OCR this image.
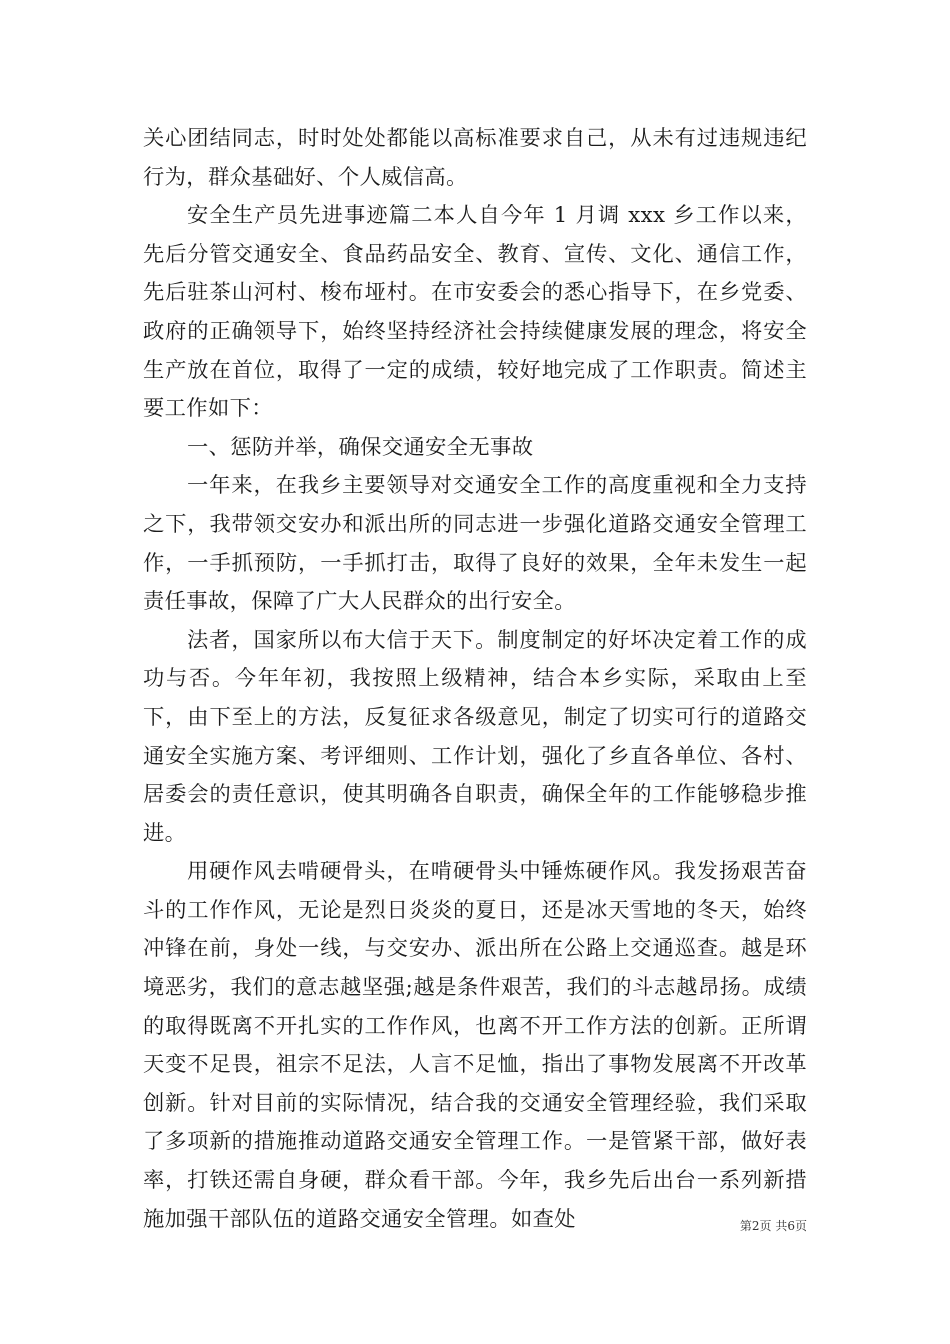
关心团结同志，时时处处都能以高标准要求自己，从未有过违规违纪行为，群众基础好、个人威信高。

安全生产员先进事迹篇二本人自今年 1 月调 xxx 乡工作以来，先后分管交通安全、食品药品安全、教育、宣传、文化、通信工作，先后驻茶山河村、梭布垭村。在市安委会的悉心指导下，在乡党委、政府的正确领导下，始终坚持经济社会持续健康发展的理念，将安全生产放在首位，取得了一定的成绩，较好地完成了工作职责。简述主要工作如下：

一、惩防并举，确保交通安全无事故

一年来，在我乡主要领导对交通安全工作的高度重视和全力支持之下，我带领交安办和派出所的同志进一步强化道路交通安全管理工作，一手抓预防，一手抓打击，取得了良好的效果，全年未发生一起责任事故，保障了广大人民群众的出行安全。

法者，国家所以布大信于天下。制度制定的好坏决定着工作的成功与否。今年年初，我按照上级精神，结合本乡实际，采取由上至下，由下至上的方法，反复征求各级意见，制定了切实可行的道路交通安全实施方案、考评细则、工作计划，强化了乡直各单位、各村、居委会的责任意识，使其明确各自职责，确保全年的工作能够稳步推进。

用硬作风去啃硬骨头，在啃硬骨头中锤炼硬作风。我发扬艰苦奋斗的工作作风，无论是烈日炎炎的夏日，还是冰天雪地的冬天，始终冲锋在前，身处一线，与交安办、派出所在公路上交通巡查。越是环境恶劣，我们的意志越坚强;越是条件艰苦，我们的斗志越昂扬。成绩的取得既离不开扎实的工作作风，也离不开工作方法的创新。正所谓天变不足畏，祖宗不足法，人言不足恤，指出了事物发展离不开改革创新。针对目前的实际情况，结合我的交通安全管理经验，我们采取了多项新的措施推动道路交通安全管理工作。一是管紧干部，做好表率，打铁还需自身硬，群众看干部。今年，我乡先后出台一系列新措施加强干部队伍的道路交通安全管理。如查处	第2页 共6页
